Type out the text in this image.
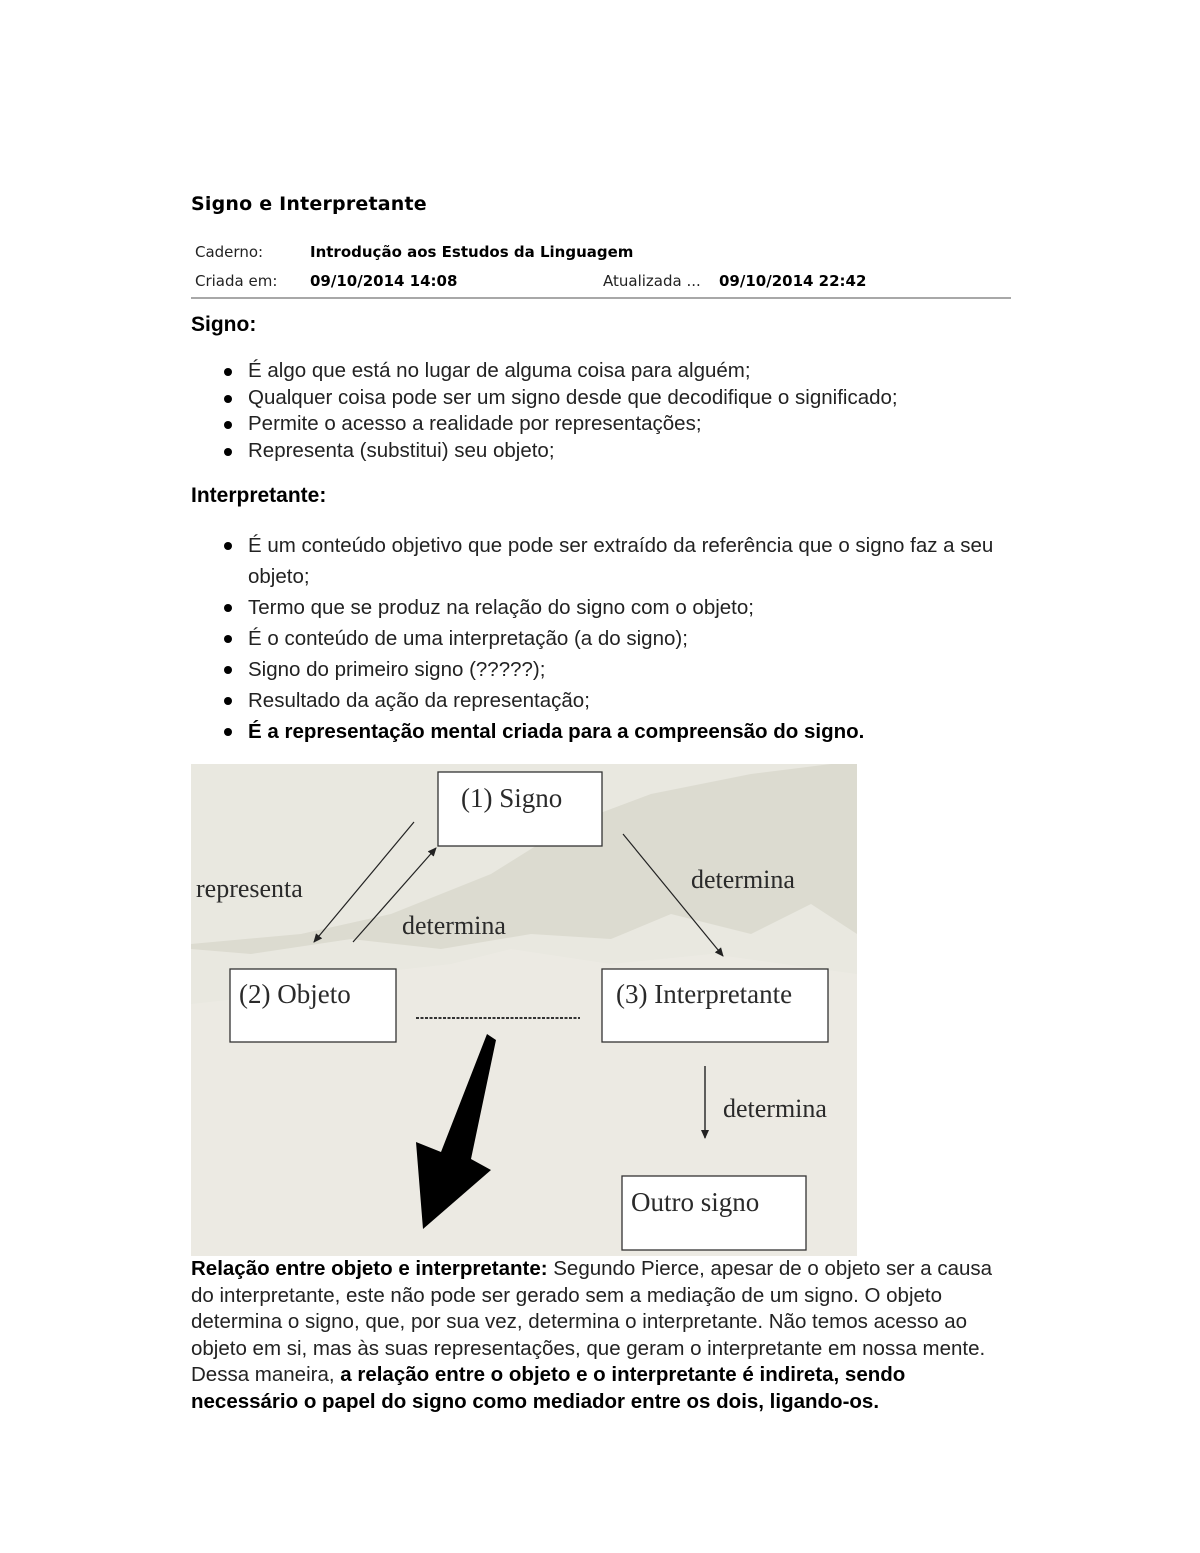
Signo e Interpretante
Caderno:	Introdução aos Estudos da Linguagem
Criada em: 09/10/2014 14:08	Atualizada ... 09/10/2014 22:42
Signo:
É algo que está no lugar de alguma coisa para alguém;
Qualquer coisa pode ser um signo desde que decodifique o significado;
Permite o acesso a realidade por representações;
Representa (substitui) seu objeto;
Interpretante:
É um conteúdo objetivo que pode ser extraído da referência que o signo faz a seu objeto;
Termo que se produz na relação do signo com o objeto;
É o conteúdo de uma interpretação (a do signo);
Signo do primeiro signo (?????);
Resultado da ação da representação;
É a representação mental criada para a compreensão do signo.
(1) Signo
(2) Objeto	(3) Interpretante
Outro signo
representa
determina
determina
determina
Relação entre objeto e interpretante: Segundo Pierce, apesar de o objeto ser a causa do interpretante, este não pode ser gerado sem a mediação de um signo. O objeto determina o signo, que, por sua vez, determina o interpretante. Não temos acesso ao objeto em si, mas às suas representações, que geram o interpretante em nossa mente. Dessa maneira, a relação entre o objeto e o interpretante é indireta, sendo necessário o papel do signo como mediador entre os dois, ligando-os.
